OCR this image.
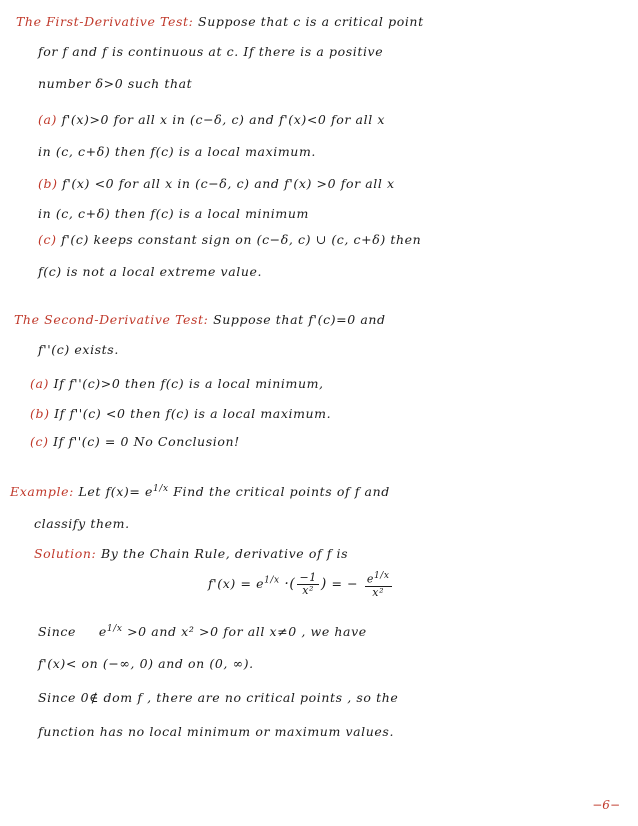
The First-Derivative Test: Suppose that c is a critical point
for f and f is continuous at c. If there is a positive
number δ>0 such that
(a) f'(x)>0 for all x in (c−δ, c) and f'(x)<0 for all x
in (c, c+δ) then f(c) is a local maximum.
(b) f'(x) <0 for all x in (c−δ, c) and f'(x) >0 for all x
in (c, c+δ) then f(c) is a local minimum
(c) f'(c) keeps constant sign on (c−δ, c) ∪ (c, c+δ) then
f(c) is not a local extreme value.
The Second-Derivative Test: Suppose that f'(c)=0 and
f''(c) exists.
(a) If f''(c)>0 then f(c) is a local minimum,
(b) If f''(c) <0 then f(c) is a local maximum.
(c) If f''(c) = 0 No Conclusion!
Example: Let $f(x)= e^{1/x}$ Find the critical points of f and
classify them.
Solution: By the Chain Rule, derivative of f is
$f'(x) = e^{1/x}$ ·( $\frac{-1}{\text{x²}}$ ) = − $\frac{e^{1/x}}{\text{x²}}$
Since $e^{1/x} >0$ and x² >0 for all x≠0 , we have
f'(x)< on (−∞, 0) and on (0, ∞).
Since 0∉ dom f , there are no critical points , so the
function has no local minimum or maximum values.
−6−
